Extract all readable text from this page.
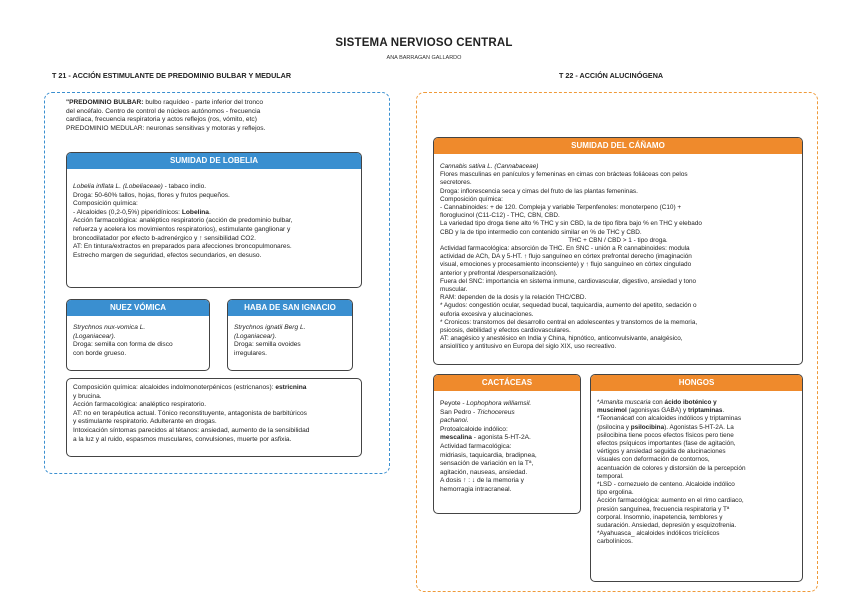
SISTEMA NERVIOSO CENTRAL
ANA BARRAGAN GALLARDO
T 21 - ACCIÓN ESTIMULANTE DE PREDOMINIO BULBAR Y MEDULAR	T 22 - ACCIÓN ALUCINÓGENA

"PREDOMINIO BULBAR: bulbo raquídeo - parte inferior del tronco

del encéfalo. Centro de control de núcleos autónomos - frecuencia

cardíaca, frecuencia respiratoria y actos reflejos (ros, vómito, etc)

PREDOMINIO MEDULAR: neuronas sensitivas y motoras y reflejos.

SUMIDAD DE LOBELIA

Lobelia inflata L. (Lobeliaceae) - tabaco indio.

Droga: 50-60% tallos, hojas, flores y frutos pequeños.

Composición química:

- Alcaloides (0,2-0,5%) piperidínicos: Lobelina.

Acción farmacológica: analéptico respiratorio (acción de predominio bulbar,

refuerza y acelera los movimientos respiratorios), estimulante ganglionar y

broncodilatador por efecto b-adrenérgico y ↑ sensibilidad CO2.

AT: En tintura/extractos en preparados para afecciones broncopulmonares.

Estrecho margen de seguridad, efectos secundarios, en desuso.

NUEZ VÓMICA

Strychnos nux-vomica L.

(Loganiacear).

Droga: semilla con forma de disco

con borde grueso.

HABA DE SAN IGNACIO

Strychnos ignatii Berg L.

(Loganiacear).

Droga: semilla ovoides

irregulares.

Composición química: alcaloides indolmonoterpénicos (estricnanos): estricnina

y brucina.

Acción farmacológica: analéptico respiratorio.

AT: no en terapéutica actual. Tónico reconstituyente, antagonista de barbitúricos

y estimulante respiratorio. Adulterante en drogas.

Intoxicación síntomas parecidos al tétanos: ansiedad, aumento de la sensibilidad

a la luz y al ruido, espasmos musculares, convulsiones, muerte por asfixia.

SUMIDAD DEL CÁÑAMO

Cannabis sativa L. (Cannabaceae)

Flores masculinas en panículos y femeninas en cimas con brácteas foliáceas con pelos

secretores.

Droga: inflorescencia seca y cimas del fruto de las plantas femeninas.

Composición química:

- Cannabinoides: + de 120. Compleja y variable Terpenfenoles: monoterpeno (C10) +

floroglucinol (C11-C12) - THC, CBN, CBD.

La variedad tipo droga tiene alto % THC y sin CBD, la de tipo fibra bajo % en THC y elebado

CBD y la de tipo intermedio con contenido similar en % de THC y CBD.

THC + CBN / CBD > 1 - tipo droga.

Actividad farmacológica: absorción de THC. En SNC - unión a R cannabinoides: modula

actividad de ACh, DA y 5-HT. ↑ flujo sanguíneo en córtex prefrontal derecho (imaginación

visual, emociones y procesamiento inconsciente) y ↑ flujo sanguíneo en córtex cingulado

anterior y prefrontal /despersonalización).

Fuera del SNC: importancia en sistema inmune, cardiovascular, digestivo, ansiedad y tono

muscular.

RAM: dependen de la dosis y la relación THC/CBD.

* Agudos: congestión ocular, sequedad bucal, taquicardia, aumento del apetito, sedación o

euforia excesiva y alucinaciones.

* Cronicos: transtornos del desarrollo central en adolescentes y transtornos de la memoria,

psicosis, debilidad y efectos cardiovasculares.

AT: anagésico y anestésico en India y China, hipnótico, anticonvulsivante, analgésico,

ansiolítico y antitusivo en Europa del siglo XIX, uso recreativo.

CACTÁCEAS

Peyote - Lophophora williamsil.

San Pedro - Trichocereus

pachanoi.

Protoalcaloide indólico:

mescalina - agonista 5-HT-2A.

Actividad farmacológica:

midriasis, taquicardia, bradipnea,

sensación de variación en la Tª,

agitación, nauseas, ansiedad.

A dosis ↑ : ↓ de la memoria y

hemorragia intracraneal.

HONGOS

*Amanita muscaria con ácido iboténico y

muscimol (agonisyas GABA) y triptaminas.

*Teonanácatl con alcaloides indólicos y triptaminas

(psilocina y psilocibina). Agonistas 5-HT-2A. La

psilocibina tiene pocos efectos físicos pero tiene

efectos psíquicos importantes (fase de agitación,

vértigos y ansiedad seguida de alucinaciones

visuales con deformación de contornos,

acentuación de colores y distorsión de la percepción

temporal.

*LSD - cornezuelo de centeno. Alcaloide indólico

tipo ergolina.

Acción farmacológica: aumento en el rimo cardiaco,

presión sanguínea, frecuencia respiratoria y Tª

corporal. Insomnio, inapetencia, temblores y

sudaración. Ansiedad, depresión y esquizofrenia.

*Ayahuasca_ alcaloides indólicos tricíclicos

carbolínicos.
